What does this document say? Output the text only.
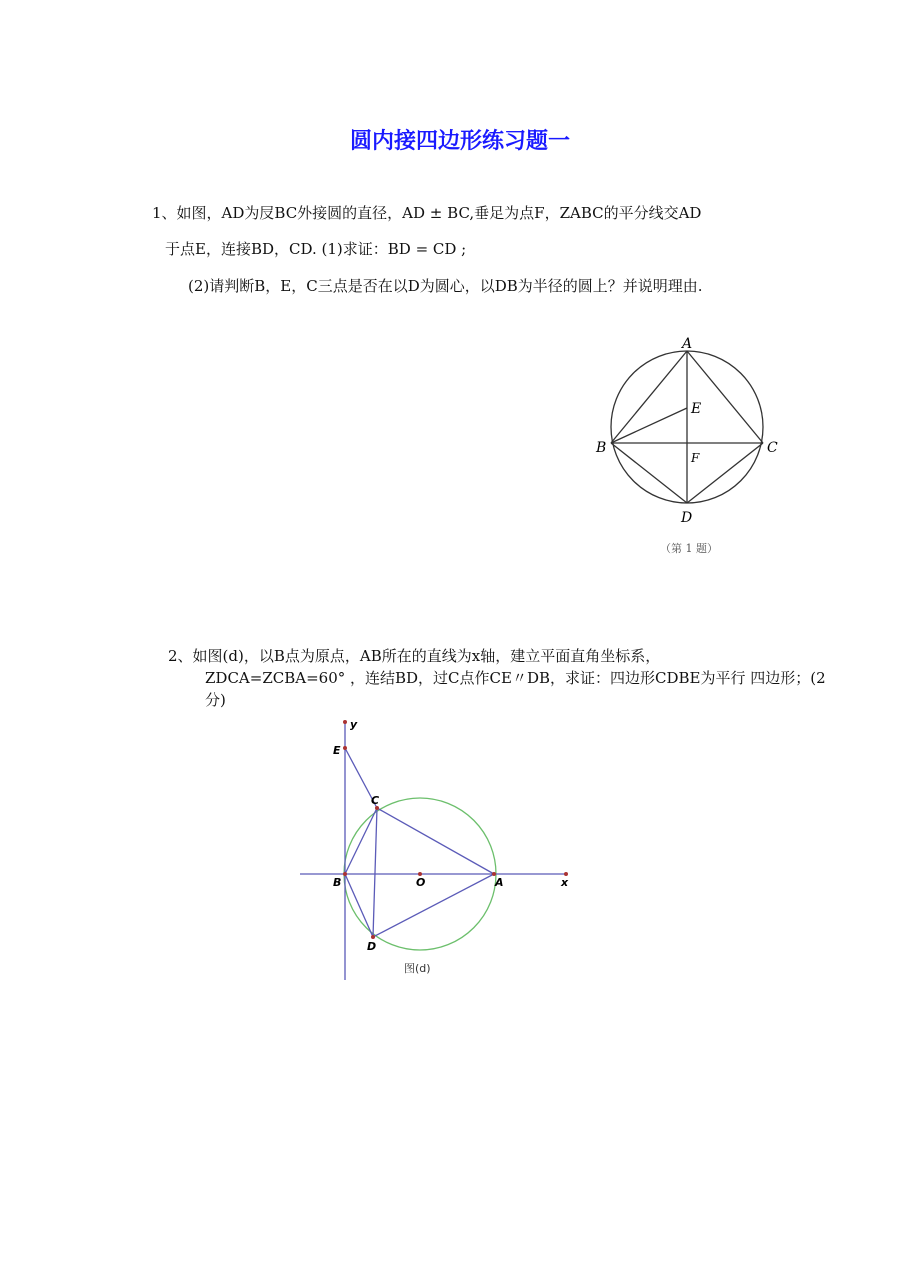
圆内接四边形练习题一
1、如图，AD为㞋BC外接圆的直径，AD ± BC,垂足为点F，ZABC的平分线交AD
于点E，连接BD，CD. (1)求证：BD = CD ;
(2)请判断B，E，C三点是否在以D为圆心，以DB为半径的圆上？并说明理由.
A
E
B	C
F
D
（第 1 题）
2、如图(d)，以B点为原点，AB所在的直线为x轴，建立平面直角坐标系，
ZDCA=ZCBA=60° ，连结BD，过C点作CE〃DB，求证：四边形CDBE为平行 四边形；(2
分)
y
E
C
B	O	A	x
D
图(d)
